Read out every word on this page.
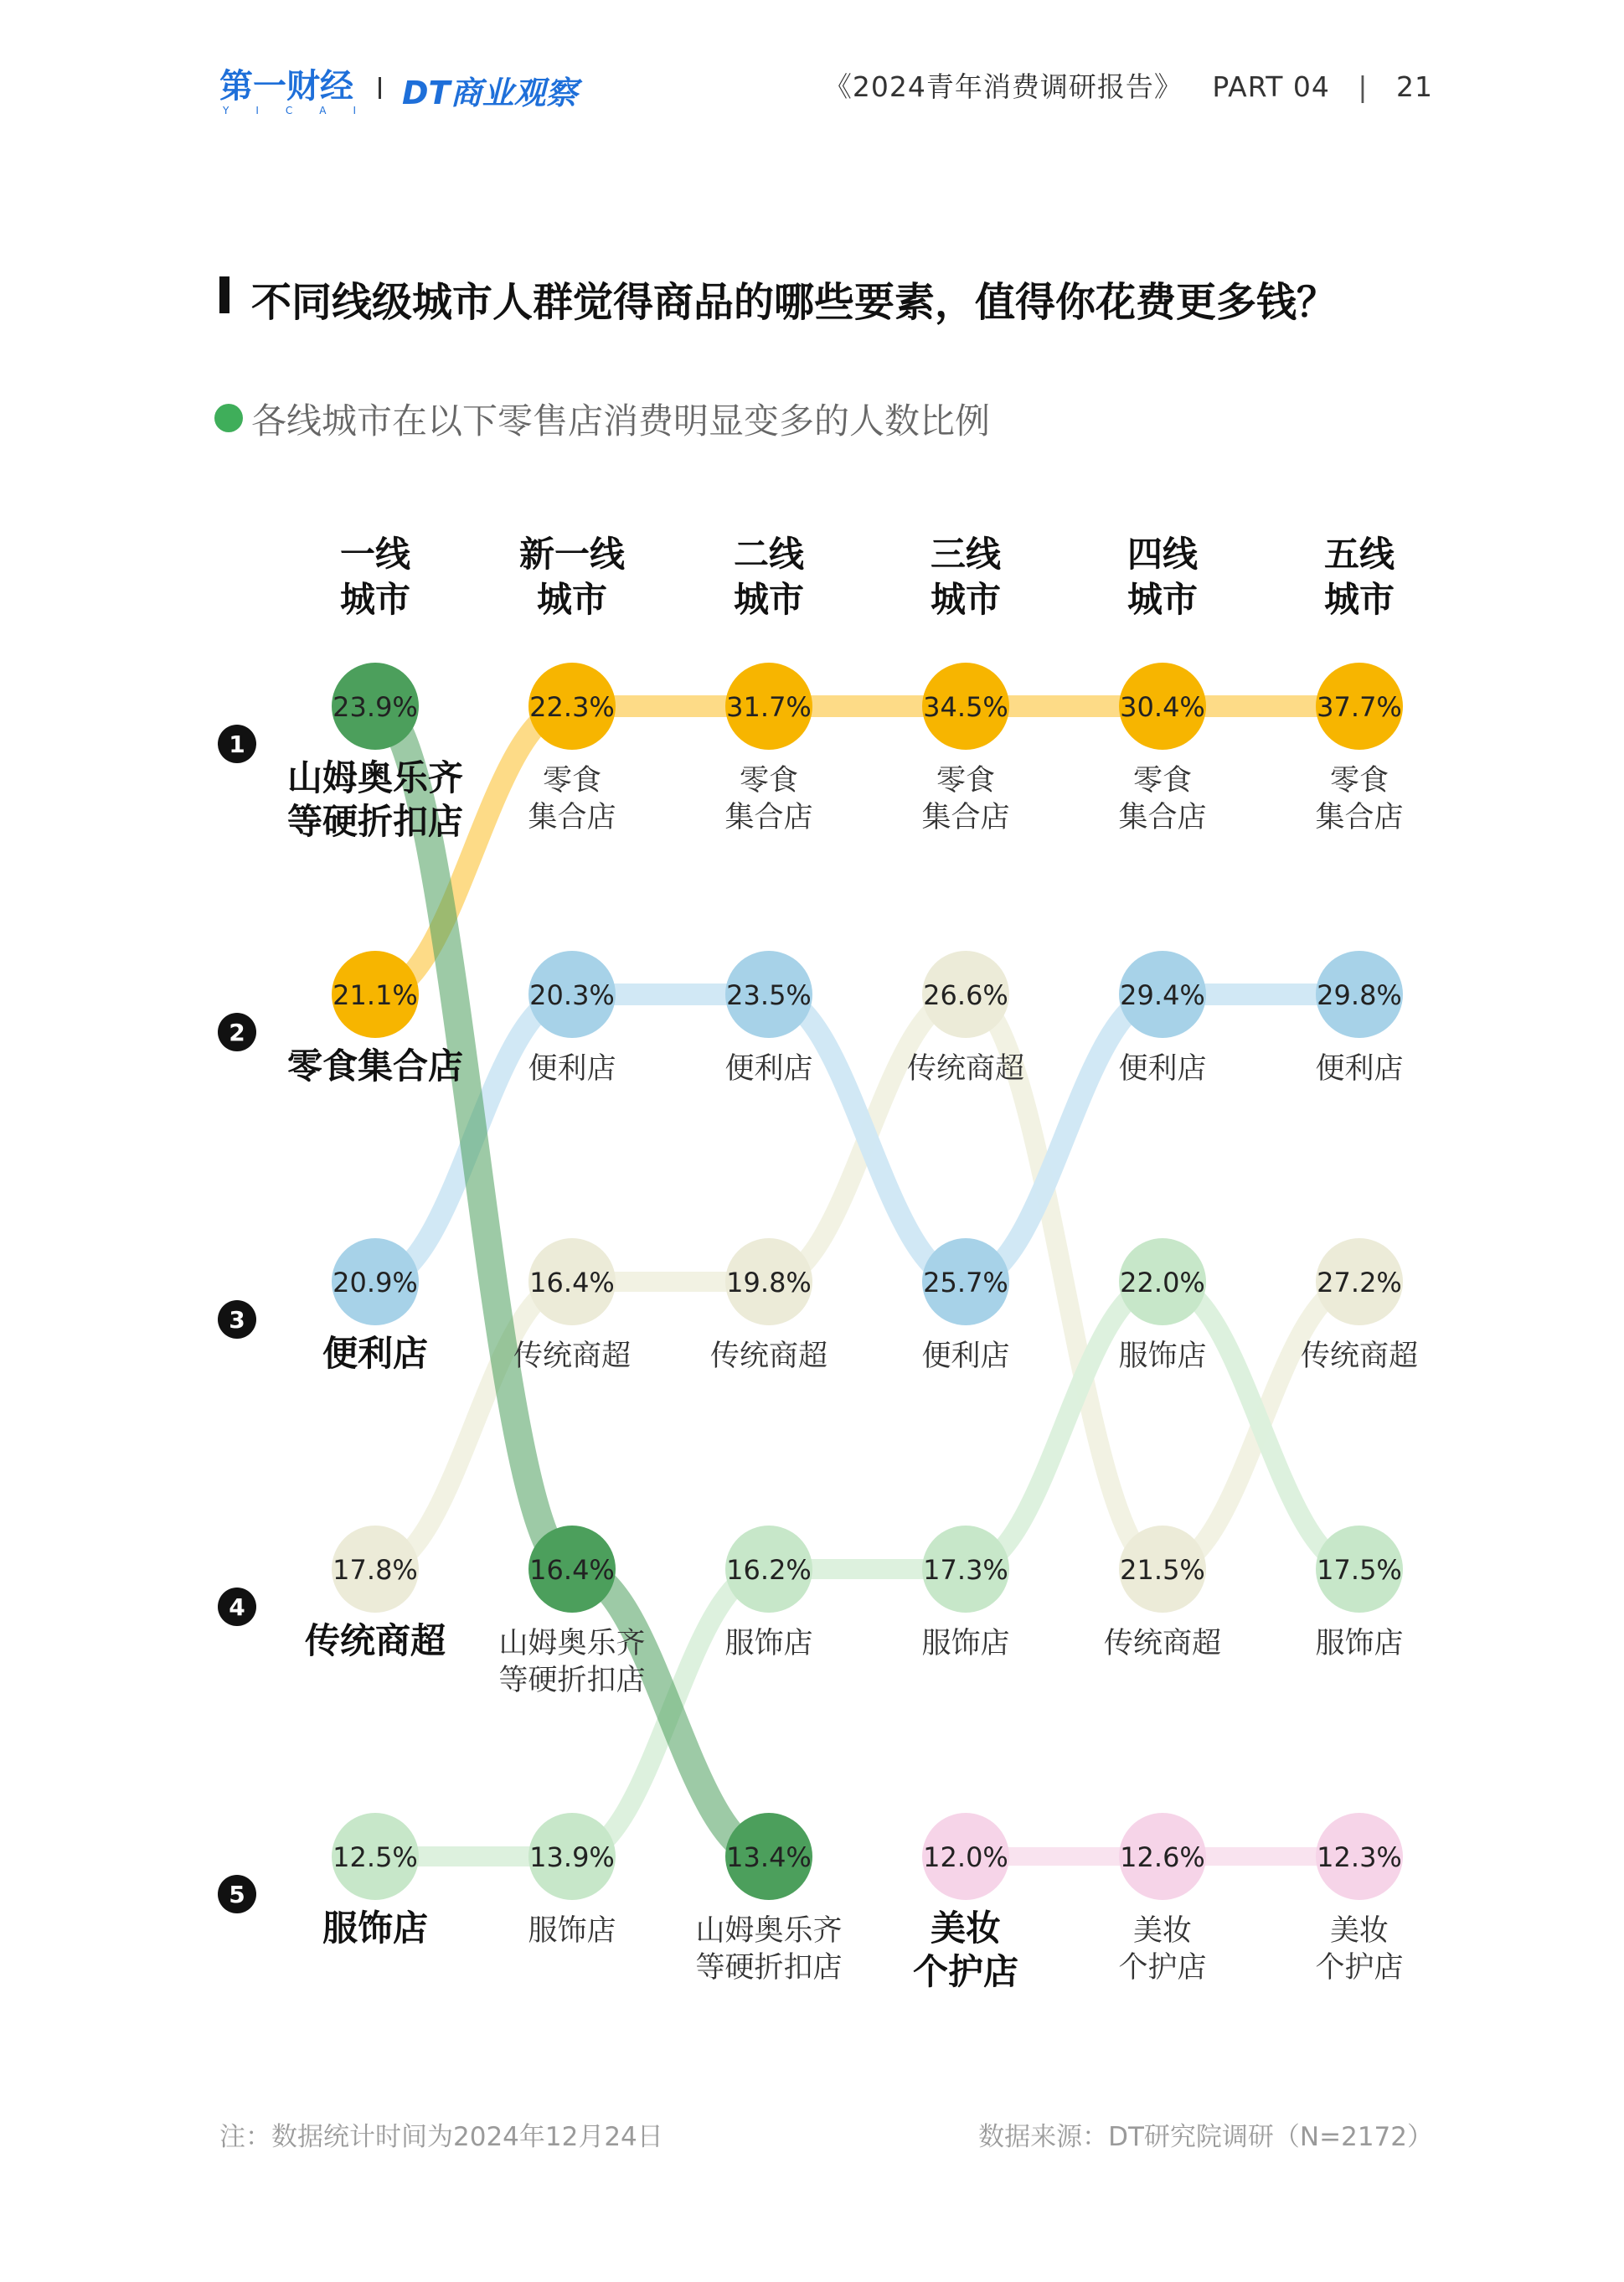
第一财经
YICAI DT商业观察	《2024青年消费调研报告》 PART 04 | 21
不同线级城市人群觉得商品的哪些要素，值得你花费更多钱？
各线城市在以下零售店消费明显变多的人数比例
23.9%
山姆奥乐齐
等硬折扣店
16.4%
山姆奥乐齐
等硬折扣店
13.4%
山姆奥乐齐
等硬折扣店
21.1%
零食集合店
22.3%
零食
集合店
31.7%
零食
集合店
34.5%
零食
集合店
30.4%
零食
集合店
37.7%
零食
集合店
20.9%
便利店
20.3%
便利店
23.5%
便利店
25.7%
便利店
29.4%
便利店
29.8%
便利店
17.8%
传统商超
16.4%
传统商超
19.8%
传统商超
26.6%
传统商超
21.5%
传统商超
27.2%
传统商超
12.5%
服饰店
13.9%
服饰店
16.2%
服饰店
17.3%
服饰店
22.0%
服饰店
17.5%
服饰店
12.0%
美妆
个护店
12.6%
美妆
个护店
12.3%
美妆
个护店
一线
城市
新一线
城市
二线
城市
三线
城市
四线
城市
五线
城市
1
2
3
4
5
注：数据统计时间为2024年12月24日	数据来源：DT研究院调研（N=2172）
